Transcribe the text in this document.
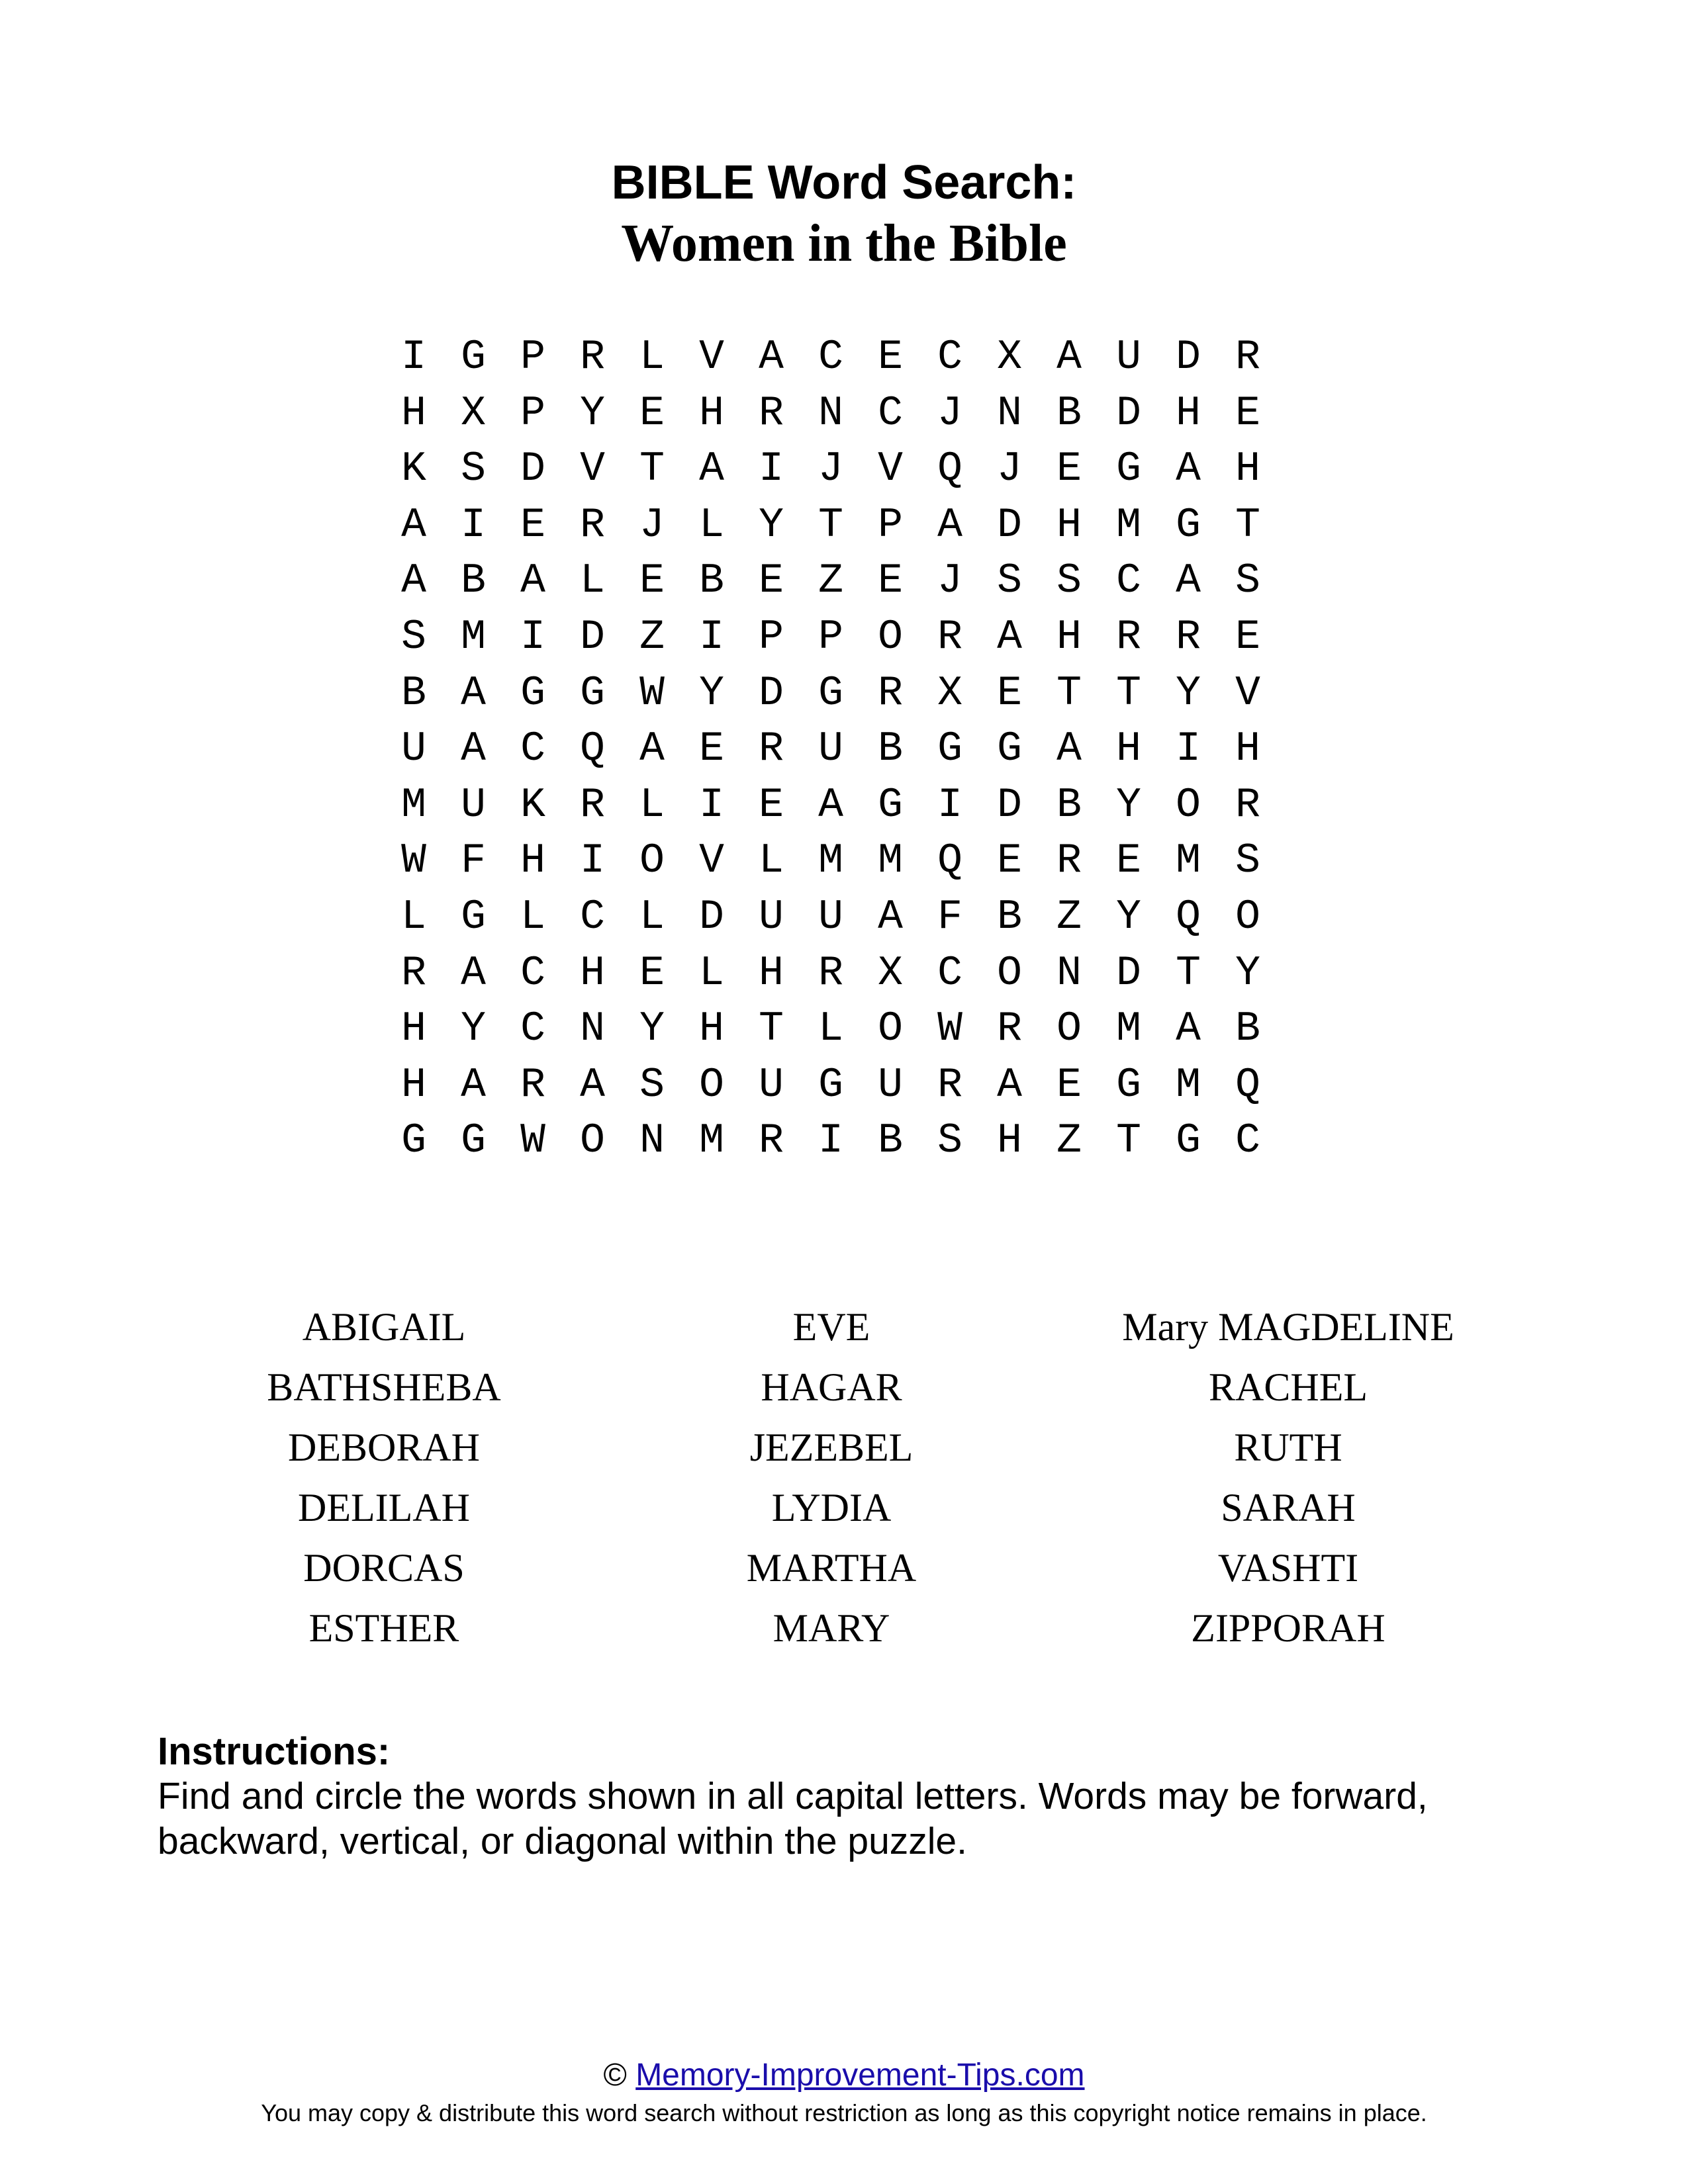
BIBLE Word Search:
Women in the Bible
I G P R L V A C E C X A U D R
H X P Y E H R N C J N B D H E
K S D V T A I J V Q J E G A H
A I E R J L Y T P A D H M G T
A B A L E B E Z E J S S C A S
S M I D Z I P P O R A H R R E
B A G G W Y D G R X E T T Y V
U A C Q A E R U B G G A H I H
M U K R L I E A G I D B Y O R
W F H I O V L M M Q E R E M S
L G L C L D U U A F B Z Y Q O
R A C H E L H R X C O N D T Y
H Y C N Y H T L O W R O M A B
H A R A S O U G U R A E G M Q
G G W O N M R I B S H Z T G C
ABIGAIL
BATHSHEBA
DEBORAH
DELILAH
DORCAS
ESTHER
EVE
HAGAR
JEZEBEL
LYDIA
MARTHA
MARY
Mary MAGDELINE
RACHEL
RUTH
SARAH
VASHTI
ZIPPORAH
Instructions:
Find and circle the words shown in all capital letters. Words may be forward, backward, vertical, or diagonal within the puzzle.
© Memory-Improvement-Tips.com
You may copy & distribute this word search without restriction as long as this copyright notice remains in place.
